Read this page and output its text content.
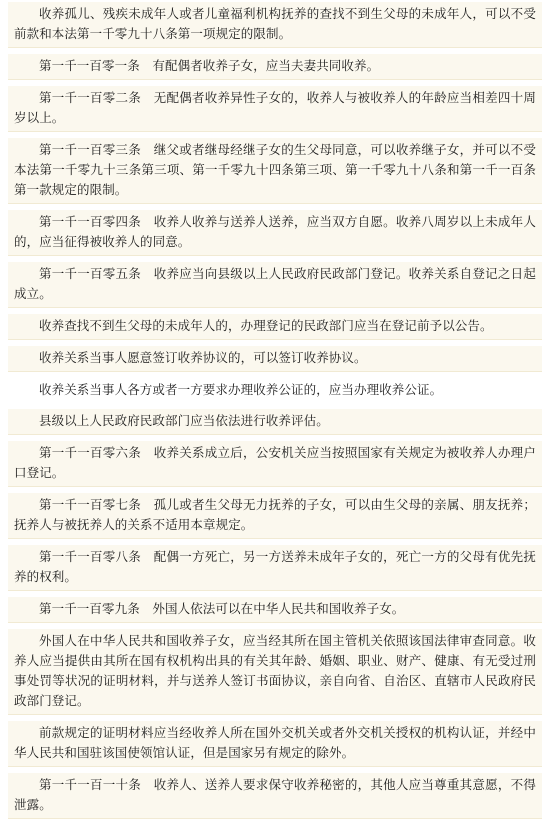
收养孤儿、残疾未成年人或者儿童福利机构抚养的查找不到生父母的未成年人，可以不受前款和本法第一千零九十八条第一项规定的限制。

第一千一百零一条　有配偶者收养子女，应当夫妻共同收养。

第一千一百零二条　无配偶者收养异性子女的，收养人与被收养人的年龄应当相差四十周岁以上。

第一千一百零三条　继父或者继母经继子女的生父母同意，可以收养继子女，并可以不受本法第一千零九十三条第三项、第一千零九十四条第三项、第一千零九十八条和第一千一百条第一款规定的限制。

第一千一百零四条　收养人收养与送养人送养，应当双方自愿。收养八周岁以上未成年人的，应当征得被收养人的同意。

第一千一百零五条　收养应当向县级以上人民政府民政部门登记。收养关系自登记之日起成立。

收养查找不到生父母的未成年人的，办理登记的民政部门应当在登记前予以公告。

收养关系当事人愿意签订收养协议的，可以签订收养协议。

收养关系当事人各方或者一方要求办理收养公证的，应当办理收养公证。

县级以上人民政府民政部门应当依法进行收养评估。

第一千一百零六条　收养关系成立后，公安机关应当按照国家有关规定为被收养人办理户口登记。

第一千一百零七条　孤儿或者生父母无力抚养的子女，可以由生父母的亲属、朋友抚养；抚养人与被抚养人的关系不适用本章规定。

第一千一百零八条　配偶一方死亡，另一方送养未成年子女的，死亡一方的父母有优先抚养的权利。

第一千一百零九条　外国人依法可以在中华人民共和国收养子女。

外国人在中华人民共和国收养子女，应当经其所在国主管机关依照该国法律审查同意。收养人应当提供由其所在国有权机构出具的有关其年龄、婚姻、职业、财产、健康、有无受过刑事处罚等状况的证明材料，并与送养人签订书面协议，亲自向省、自治区、直辖市人民政府民政部门登记。

前款规定的证明材料应当经收养人所在国外交机关或者外交机关授权的机构认证，并经中华人民共和国驻该国使领馆认证，但是国家另有规定的除外。

第一千一百一十条　收养人、送养人要求保守收养秘密的，其他人应当尊重其意愿，不得泄露。
